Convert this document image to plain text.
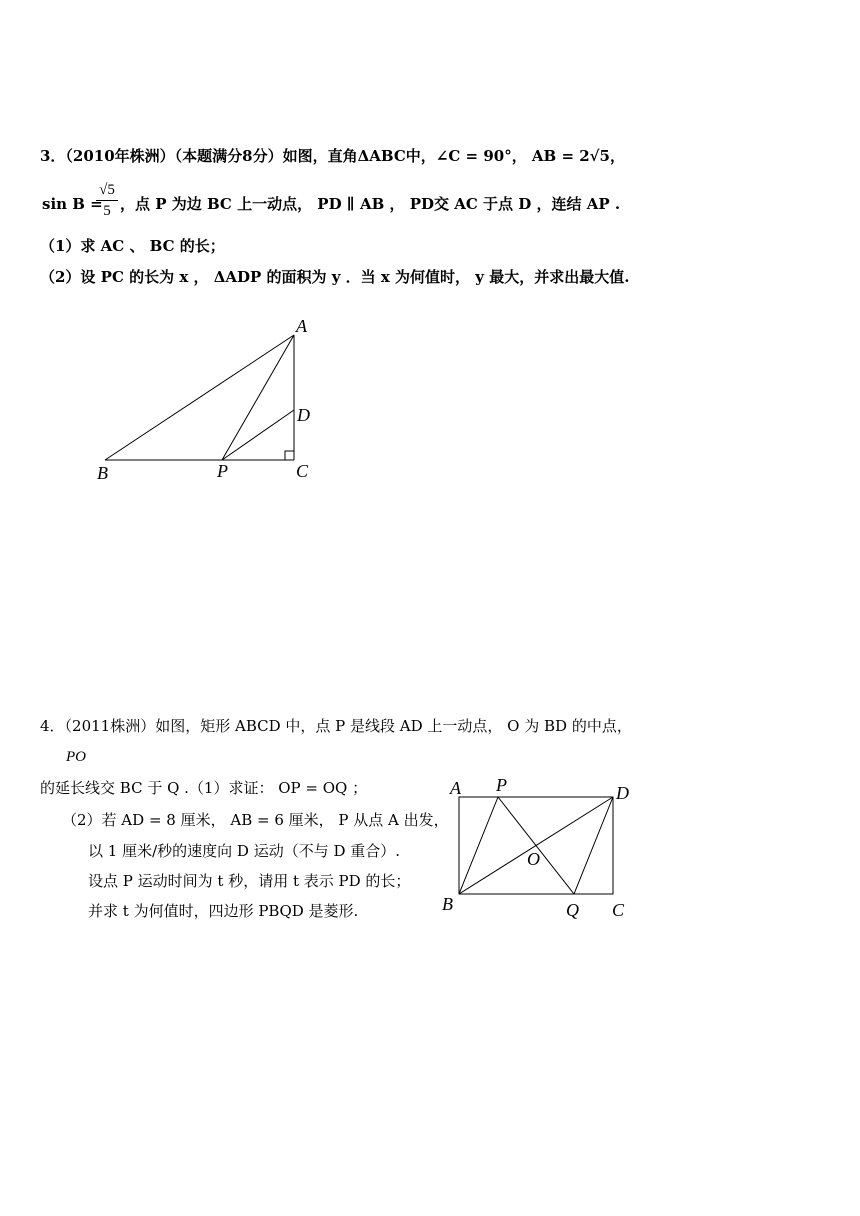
3．（2010年株洲）（本题满分8分）如图，直角ΔABC中，∠C = 90°， AB = 2√5，
sin B =
√5
5 ，点 P 为边 BC 上一动点， PD ∥ AB ， PD交 AC 于点 D ，连结 AP .
（1）求 AC 、 BC 的长；
（2）设 PC 的长为 x ， ΔADP 的面积为 y ．当 x 为何值时， y 最大，并求出最大值.
A
D
B	P	C
A P	D
O
B	Q C
4．（2011株洲）如图，矩形 ABCD 中，点 P 是线段 AD 上一动点， O 为 BD 的中点，
PO
的延长线交 BC 于 Q .（1）求证： OP = OQ ；
（2）若 AD = 8 厘米， AB = 6 厘米， P 从点 A 出发，
以 1 厘米/秒的速度向 D 运动（不与 D 重合）.
设点 P 运动时间为 t 秒，请用 t 表示 PD 的长；
并求 t 为何值时，四边形 PBQD 是菱形.
